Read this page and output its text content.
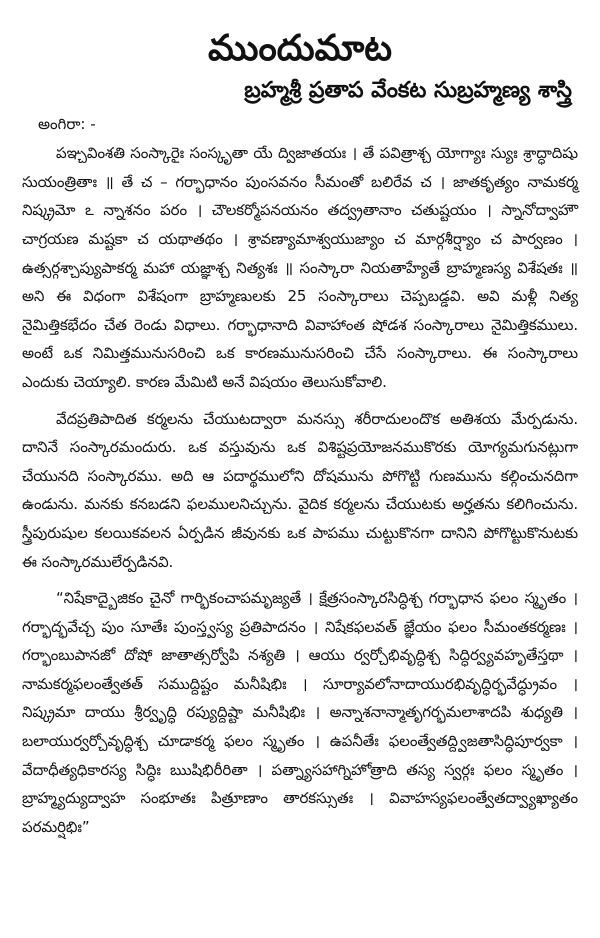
ముందుమాట
బ్రహ్మశ్రీ ప్రతాప వేంకట సుబ్రహ్మణ్య శాస్త్రి
అంగిరా: -

పఞ్చవింశతి సంస్కారైః సంస్కృతా యే ద్విజాతయః । తే పవిత్రాశ్చ యోగ్యాః స్యుః శ్రాద్ధాదిషు సుయంత్రితాః ॥ తే చ – గర్భాధానం పుంసవనం సీమంతో బలిరేవ చ । జాతకృత్యం నామకర్మ నిష్క్రమో ఽ న్నాశనం పరం । చౌలకర్మోపనయనం తద్వ్రతానాం చతుష్టయం । స్నానోద్వాహౌ చాగ్రయణ మష్టకా చ యథాతథం । శ్రావణ్యామాశ్వయుజ్యాం చ మార్గశీర్ష్యాం చ పార్వణం । ఉత్సర్గశ్చాప్యుపాకర్మ మహా యజ్ఞాశ్చ నిత్యశః ॥ సంస్కారా నియతాహ్యేతే బ్రాహ్మణస్య విశేషతః ॥ అని ఈ విధంగా విశేషంగా బ్రాహ్మణులకు 25 సంస్కారాలు చెప్పబడ్డవి. అవి మళ్లీ నిత్య నైమిత్తికభేదం చేత రెండు విధాలు. గర్భాధానాది వివాహాంత షోడశ సంస్కారాలు నైమిత్తికములు. అంటే ఒక నిమిత్తమునుసరించి ఒక కారణమునుసరించి చేసే సంస్కారాలు. ఈ సంస్కారాలు ఎందుకు చెయ్యాలి. కారణ మేమిటి అనే విషయం తెలుసుకోవాలి.

వేదప్రతిపాదిత కర్మలను చేయుటద్వారా మనస్సు శరీరాదులందొక అతిశయ మేర్పడును. దానినే సంస్కారమందురు. ఒక వస్తువును ఒక విశిష్టప్రయోజనముకొరకు యోగ్యమగునట్లుగా చేయునది సంస్కారము. అది ఆ పదార్థములోని దోషమును పోగొట్టి గుణమును కల్గించునదిగా ఉండును. మనకు కనబడని ఫలములనిచ్చును. వైదిక కర్మలను చేయుటకు అర్హతను కలిగించును. స్త్రీపురుషుల కలయికవలన ఏర్పడిన జీవునకు ఒక పాపము చుట్టుకొనగా దానిని పోగొట్టుకొనుటకు ఈ సంస్కారములేర్పడినవి.

“నిషేకాద్బైజికం చైనో గార్భికంచాపమృజ్యతే । క్షేత్రసంస్కారసిద్ధిశ్చ గర్భాధాన ఫలం స్మృతం । గర్భాద్భవేచ్చ పుం సూతేః పుంస్త్వస్య ప్రతిపాదనం । నిషేకఫలవత్ జ్ఞేయం ఫలం సీమంతకర్మణః । గర్భాంబుపానజో దోషో జాతాత్సర్వోపి నశ్యతి । ఆయు ర్వర్చోభివృద్ధిశ్చ సిద్ధిర్వ్యవహృతేస్తథా । నామకర్మఫలంత్వేతత్ సముద్దిష్టం మనీషిభిః । సూర్యావలోనాదాయురభివృద్ధిర్భవేద్ధ్రువం । నిష్క్రమా దాయు శ్రీర్వృద్ధి రప్యుద్దిష్టా మనీషిభిః । అన్నాశనాన్మాతృగర్భమలాశాదపి శుధ్యతి । బలాయుర్వర్చోవృద్ధిశ్చ చూడాకర్మ ఫలం స్మృతం । ఉపనీతేః ఫలంత్వేతద్ద్విజతాసిద్ధిపూర్వకా । వేదాధీత్యధికారస్య సిద్ధిః ఋషిభిరీరితా । పత్న్యాసహాగ్నిహోత్రాది తస్య స్వర్గః ఫలం స్మృతం । బ్రాహ్మ్యద్యుద్వాహ సంభూతః పిత్రూణాం తారకస్సుతః । వివాహస్యఫలంత్వేతద్వ్యాఖ్యాతం పరమర్షిభిః”
